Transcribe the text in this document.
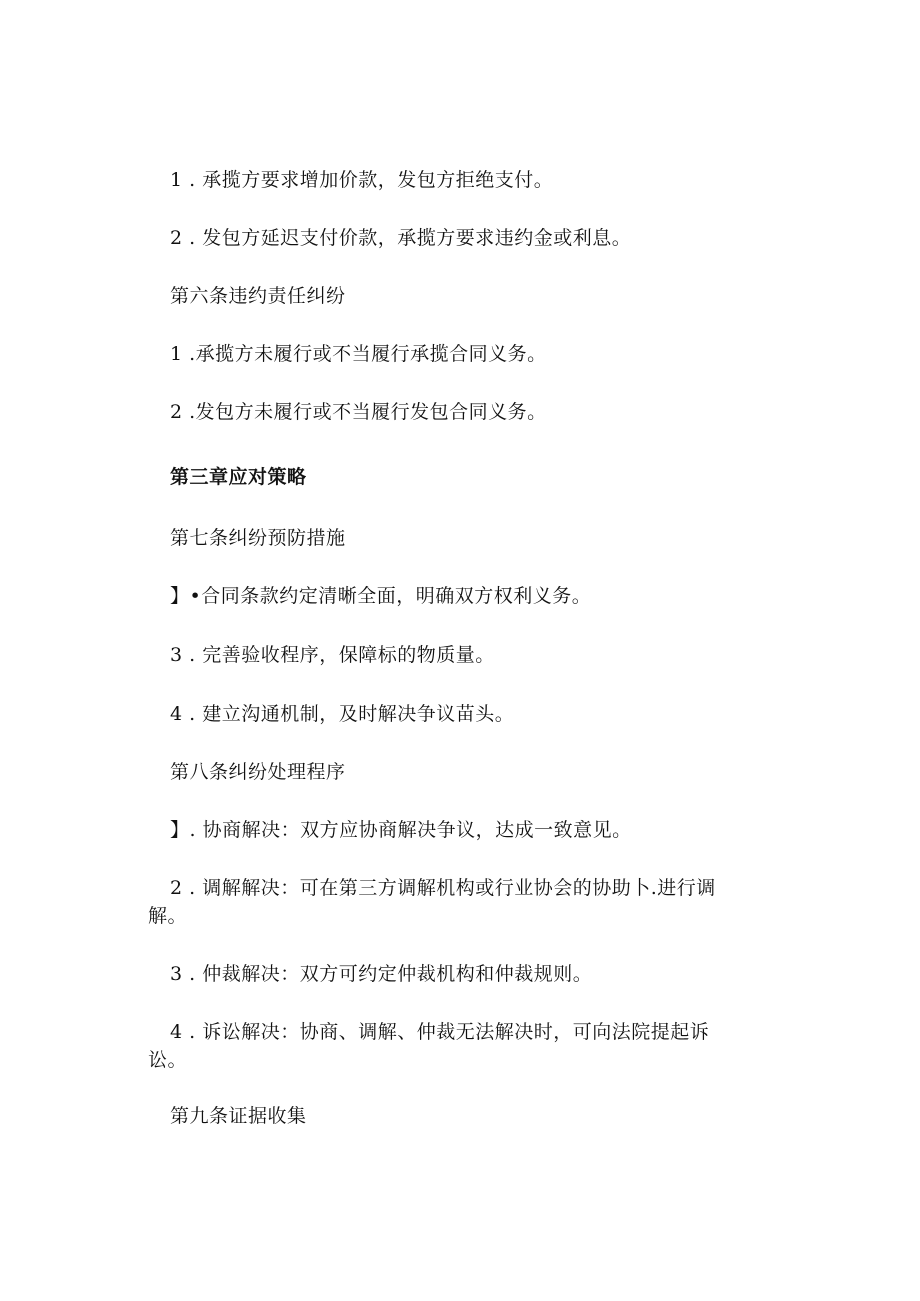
1 . 承揽方要求增加价款，发包方拒绝支付。
2 . 发包方延迟支付价款，承揽方要求违约金或利息。
第六条违约责任纠纷
1 .承揽方未履行或不当履行承揽合同义务。
2 .发包方未履行或不当履行发包合同义务。
第三章应对策略
第七条纠纷预防措施
】•合同条款约定清晰全面，明确双方权利义务。
3 . 完善验收程序，保障标的物质量。
4 . 建立沟通机制，及时解决争议苗头。
第八条纠纷处理程序
】. 协商解决：双方应协商解决争议，达成一致意见。
2 . 调解解决：可在第三方调解机构或行业协会的协助卜.进行调解。
3 . 仲裁解决：双方可约定仲裁机构和仲裁规则。
4 . 诉讼解决：协商、调解、仲裁无法解决时，可向法院提起诉讼。
第九条证据收集
